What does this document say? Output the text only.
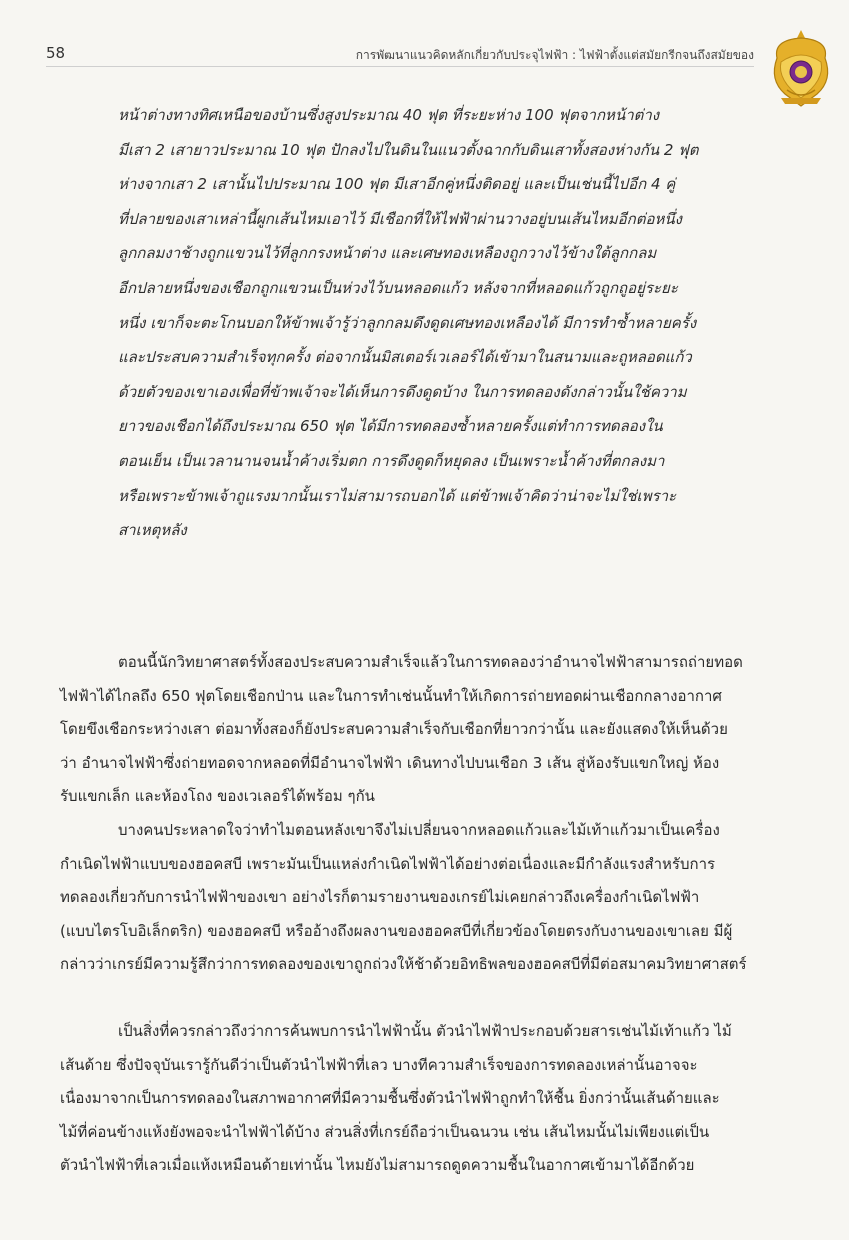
58	การพัฒนาแนวคิดหลักเกี่ยวกับประจุไฟฟ้า : ไฟฟ้าตั้งแต่สมัยกรีกจนถึงสมัยของ
หน้าต่างทางทิศเหนือของบ้านซึ่งสูงประมาณ 40 ฟุต ที่ระยะห่าง 100 ฟุตจากหน้าต่าง
มีเสา 2 เสายาวประมาณ 10 ฟุต ปักลงไปในดินในแนวตั้งฉากกับดินเสาทั้งสองห่างกัน 2 ฟุต
ห่างจากเสา 2 เสานั้นไปประมาณ 100 ฟุต มีเสาอีกคู่หนึ่งติดอยู่ และเป็นเช่นนี้ไปอีก 4 คู่
ที่ปลายของเสาเหล่านี้ผูกเส้นไหมเอาไว้ มีเชือกที่ให้ไฟฟ้าผ่านวางอยู่บนเส้นไหมอีกต่อหนึ่ง
ลูกกลมงาช้างถูกแขวนไว้ที่ลูกกรงหน้าต่าง และเศษทองเหลืองถูกวางไว้ข้างใต้ลูกกลม
อีกปลายหนึ่งของเชือกถูกแขวนเป็นห่วงไว้บนหลอดแก้ว หลังจากที่หลอดแก้วถูกถูอยู่ระยะ
หนึ่ง เขาก็จะตะโกนบอกให้ข้าพเจ้ารู้ว่าลูกกลมดึงดูดเศษทองเหลืองได้ มีการทำซ้ำหลายครั้ง
และประสบความสำเร็จทุกครั้ง ต่อจากนั้นมิสเตอร์เวเลอร์ได้เข้ามาในสนามและถูหลอดแก้ว
ด้วยตัวของเขาเองเพื่อที่ข้าพเจ้าจะได้เห็นการดึงดูดบ้าง ในการทดลองดังกล่าวนั้นใช้ความ
ยาวของเชือกได้ถึงประมาณ 650 ฟุต ได้มีการทดลองซ้ำหลายครั้งแต่ทำการทดลองใน
ตอนเย็น เป็นเวลานานจนน้ำค้างเริ่มตก การดึงดูดก็หยุดลง เป็นเพราะน้ำค้างที่ตกลงมา
หรือเพราะข้าพเจ้าถูแรงมากนั้นเราไม่สามารถบอกได้ แต่ข้าพเจ้าคิดว่าน่าจะไม่ใช่เพราะ
สาเหตุหลัง
ตอนนี้นักวิทยาศาสตร์ทั้งสองประสบความสำเร็จแล้วในการทดลองว่าอำนาจไฟฟ้าสามารถถ่ายทอด
ไฟฟ้าได้ไกลถึง 650 ฟุตโดยเชือกป่าน และในการทำเช่นนั้นทำให้เกิดการถ่ายทอดผ่านเชือกกลางอากาศ
โดยขึงเชือกระหว่างเสา ต่อมาทั้งสองก็ยังประสบความสำเร็จกับเชือกที่ยาวกว่านั้น และยังแสดงให้เห็นด้วย
ว่า อำนาจไฟฟ้าซึ่งถ่ายทอดจากหลอดที่มีอำนาจไฟฟ้า เดินทางไปบนเชือก 3 เส้น สู่ห้องรับแขกใหญ่ ห้อง
รับแขกเล็ก และห้องโถง ของเวเลอร์ได้พร้อม ๆกัน
บางคนประหลาดใจว่าทำไมตอนหลังเขาจึงไม่เปลี่ยนจากหลอดแก้วและไม้เท้าแก้วมาเป็นเครื่อง
กำเนิดไฟฟ้าแบบของฮอคสบี เพราะมันเป็นแหล่งกำเนิดไฟฟ้าได้อย่างต่อเนื่องและมีกำลังแรงสำหรับการ
ทดลองเกี่ยวกับการนำไฟฟ้าของเขา อย่างไรก็ตามรายงานของเกรย์ไม่เคยกล่าวถึงเครื่องกำเนิดไฟฟ้า
(แบบไตรโบอิเล็กตริก) ของฮอคสบี หรืออ้างถึงผลงานของฮอคสบีที่เกี่ยวข้องโดยตรงกับงานของเขาเลย มีผู้
กล่าวว่าเกรย์มีความรู้สึกว่าการทดลองของเขาถูกถ่วงให้ช้าด้วยอิทธิพลของฮอคสบีที่มีต่อสมาคมวิทยาศาสตร์
เป็นสิ่งที่ควรกล่าวถึงว่าการค้นพบการนำไฟฟ้านั้น ตัวนำไฟฟ้าประกอบด้วยสารเช่นไม้เท้าแก้ว ไม้
เส้นด้าย ซึ่งปัจจุบันเรารู้กันดีว่าเป็นตัวนำไฟฟ้าที่เลว บางทีความสำเร็จของการทดลองเหล่านั้นอาจจะ
เนื่องมาจากเป็นการทดลองในสภาพอากาศที่มีความชื้นซึ่งตัวนำไฟฟ้าถูกทำให้ชื้น ยิ่งกว่านั้นเส้นด้ายและ
ไม้ที่ค่อนข้างแห้งยังพอจะนำไฟฟ้าได้บ้าง ส่วนสิ่งที่เกรย์ถือว่าเป็นฉนวน เช่น เส้นไหมนั้นไม่เพียงแต่เป็น
ตัวนำไฟฟ้าที่เลวเมื่อแห้งเหมือนด้ายเท่านั้น ไหมยังไม่สามารถดูดความชื้นในอากาศเข้ามาได้อีกด้วย
